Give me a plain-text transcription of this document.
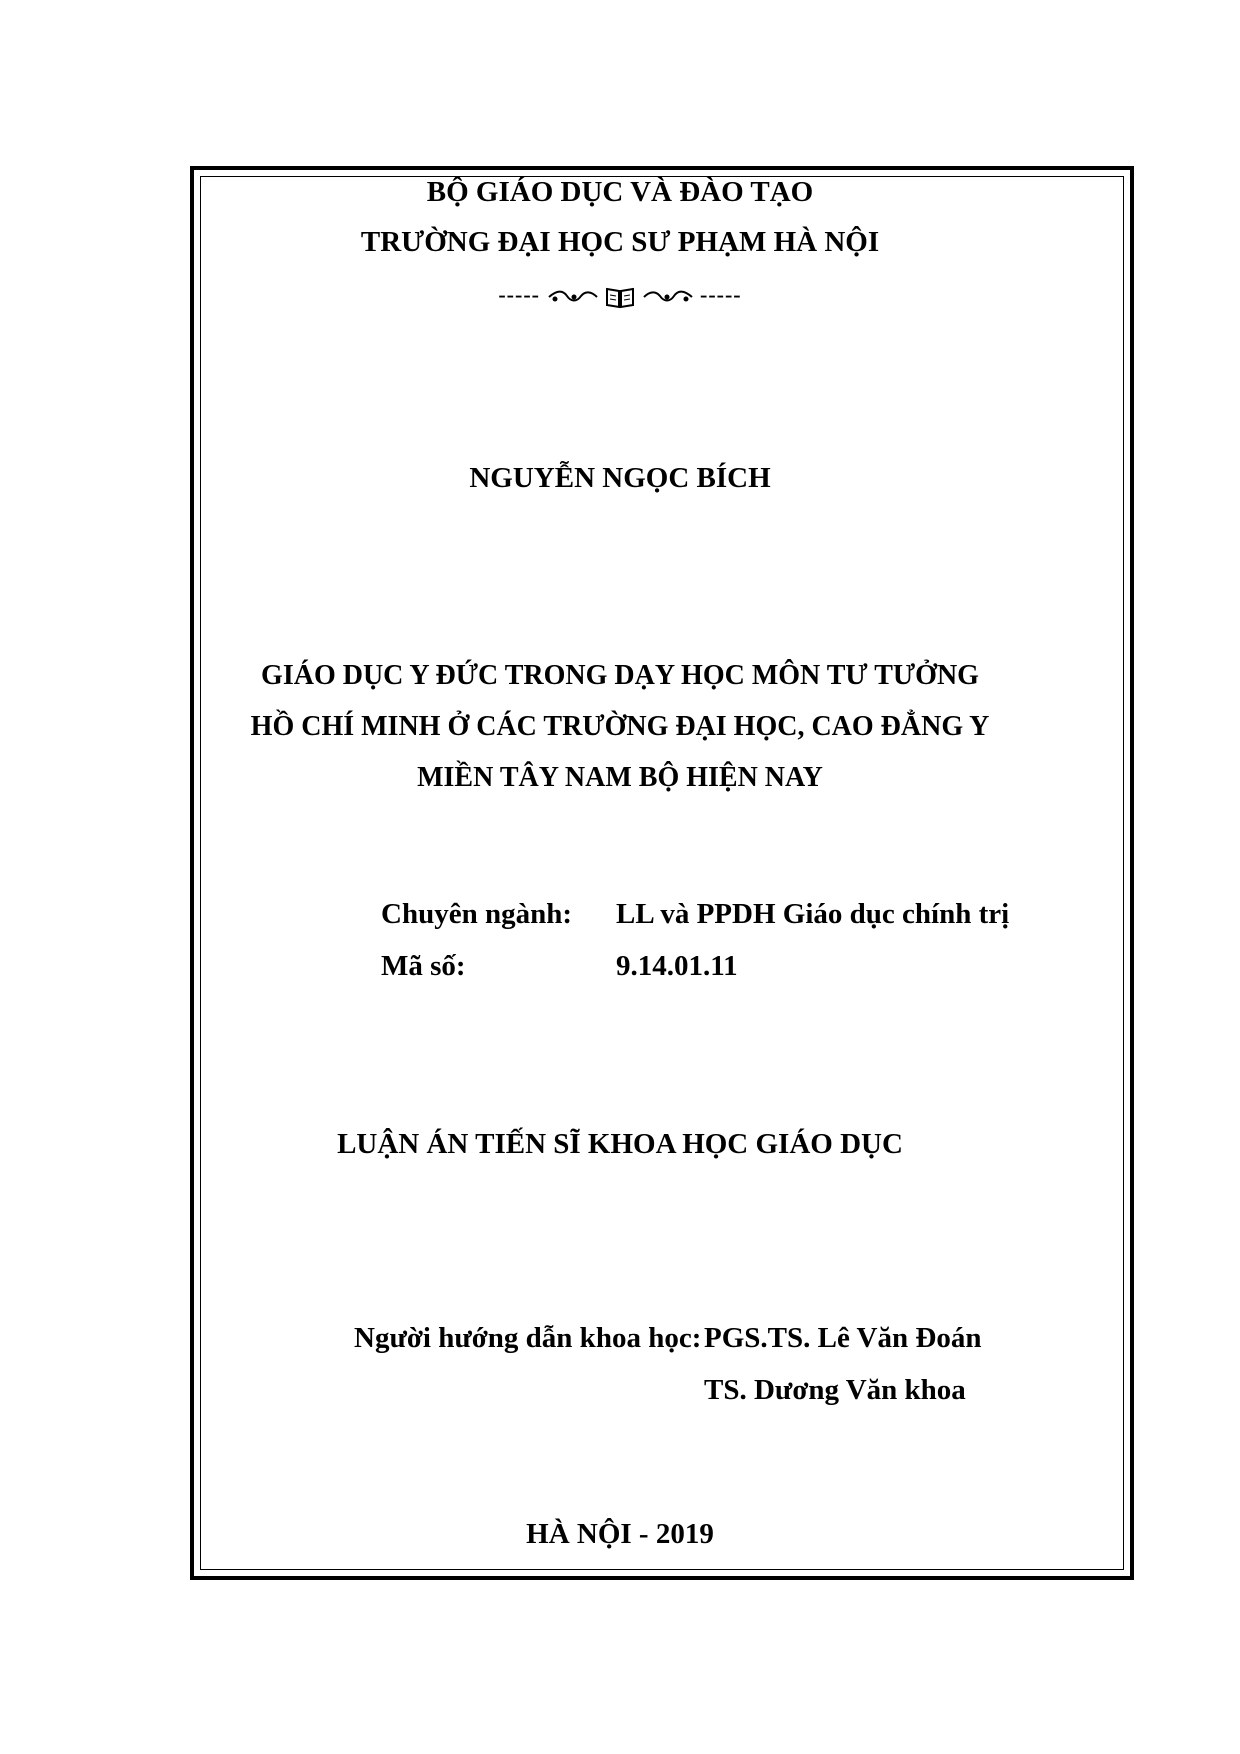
BỘ GIÁO DỤC VÀ ĐÀO TẠO
TRƯỜNG ĐẠI HỌC SƯ PHẠM HÀ NỘI
-----	-----
NGUYỄN NGỌC BÍCH
GIÁO DỤC Y ĐỨC TRONG DẠY HỌC MÔN TƯ TƯỞNG
HỒ CHÍ MINH Ở CÁC TRƯỜNG ĐẠI HỌC, CAO ĐẲNG Y
MIỀN TÂY NAM BỘ HIỆN NAY
Chuyên ngành: LL và PPDH Giáo dục chính trị
Mã số:	9.14.01.11
LUẬN ÁN TIẾN SĨ KHOA HỌC GIÁO DỤC
Người hướng dẫn khoa học: PGS.TS. Lê Văn Đoán
TS. Dương Văn khoa
HÀ NỘI - 2019
